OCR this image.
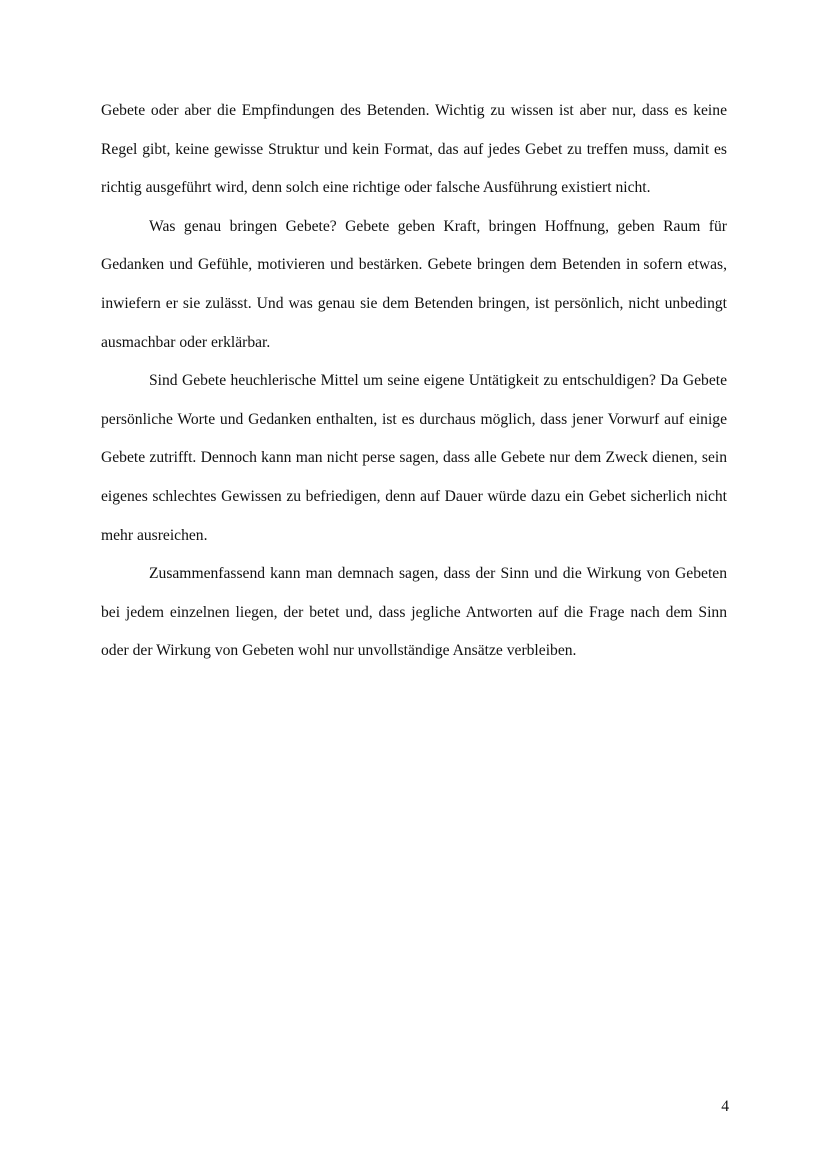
Gebete oder aber die Empfindungen des Betenden. Wichtig zu wissen ist aber nur, dass es keine Regel gibt, keine gewisse Struktur und kein Format, das auf jedes Gebet zu treffen muss, damit es richtig ausgeführt wird, denn solch eine richtige oder falsche Ausführung existiert nicht.

Was genau bringen Gebete? Gebete geben Kraft, bringen Hoffnung, geben Raum für Gedanken und Gefühle, motivieren und bestärken. Gebete bringen dem Betenden in sofern etwas, inwiefern er sie zulässt. Und was genau sie dem Betenden bringen, ist persönlich, nicht unbedingt ausmachbar oder erklärbar.

Sind Gebete heuchlerische Mittel um seine eigene Untätigkeit zu entschuldigen? Da Gebete persönliche Worte und Gedanken enthalten, ist es durchaus möglich, dass jener Vorwurf auf einige Gebete zutrifft. Dennoch kann man nicht perse sagen, dass alle Gebete nur dem Zweck dienen, sein eigenes schlechtes Gewissen zu befriedigen, denn auf Dauer würde dazu ein Gebet sicherlich nicht mehr ausreichen.

Zusammenfassend kann man demnach sagen, dass der Sinn und die Wirkung von Gebeten bei jedem einzelnen liegen, der betet und, dass jegliche Antworten auf die Frage nach dem Sinn oder der Wirkung von Gebeten wohl nur unvollständige Ansätze verbleiben.

4
